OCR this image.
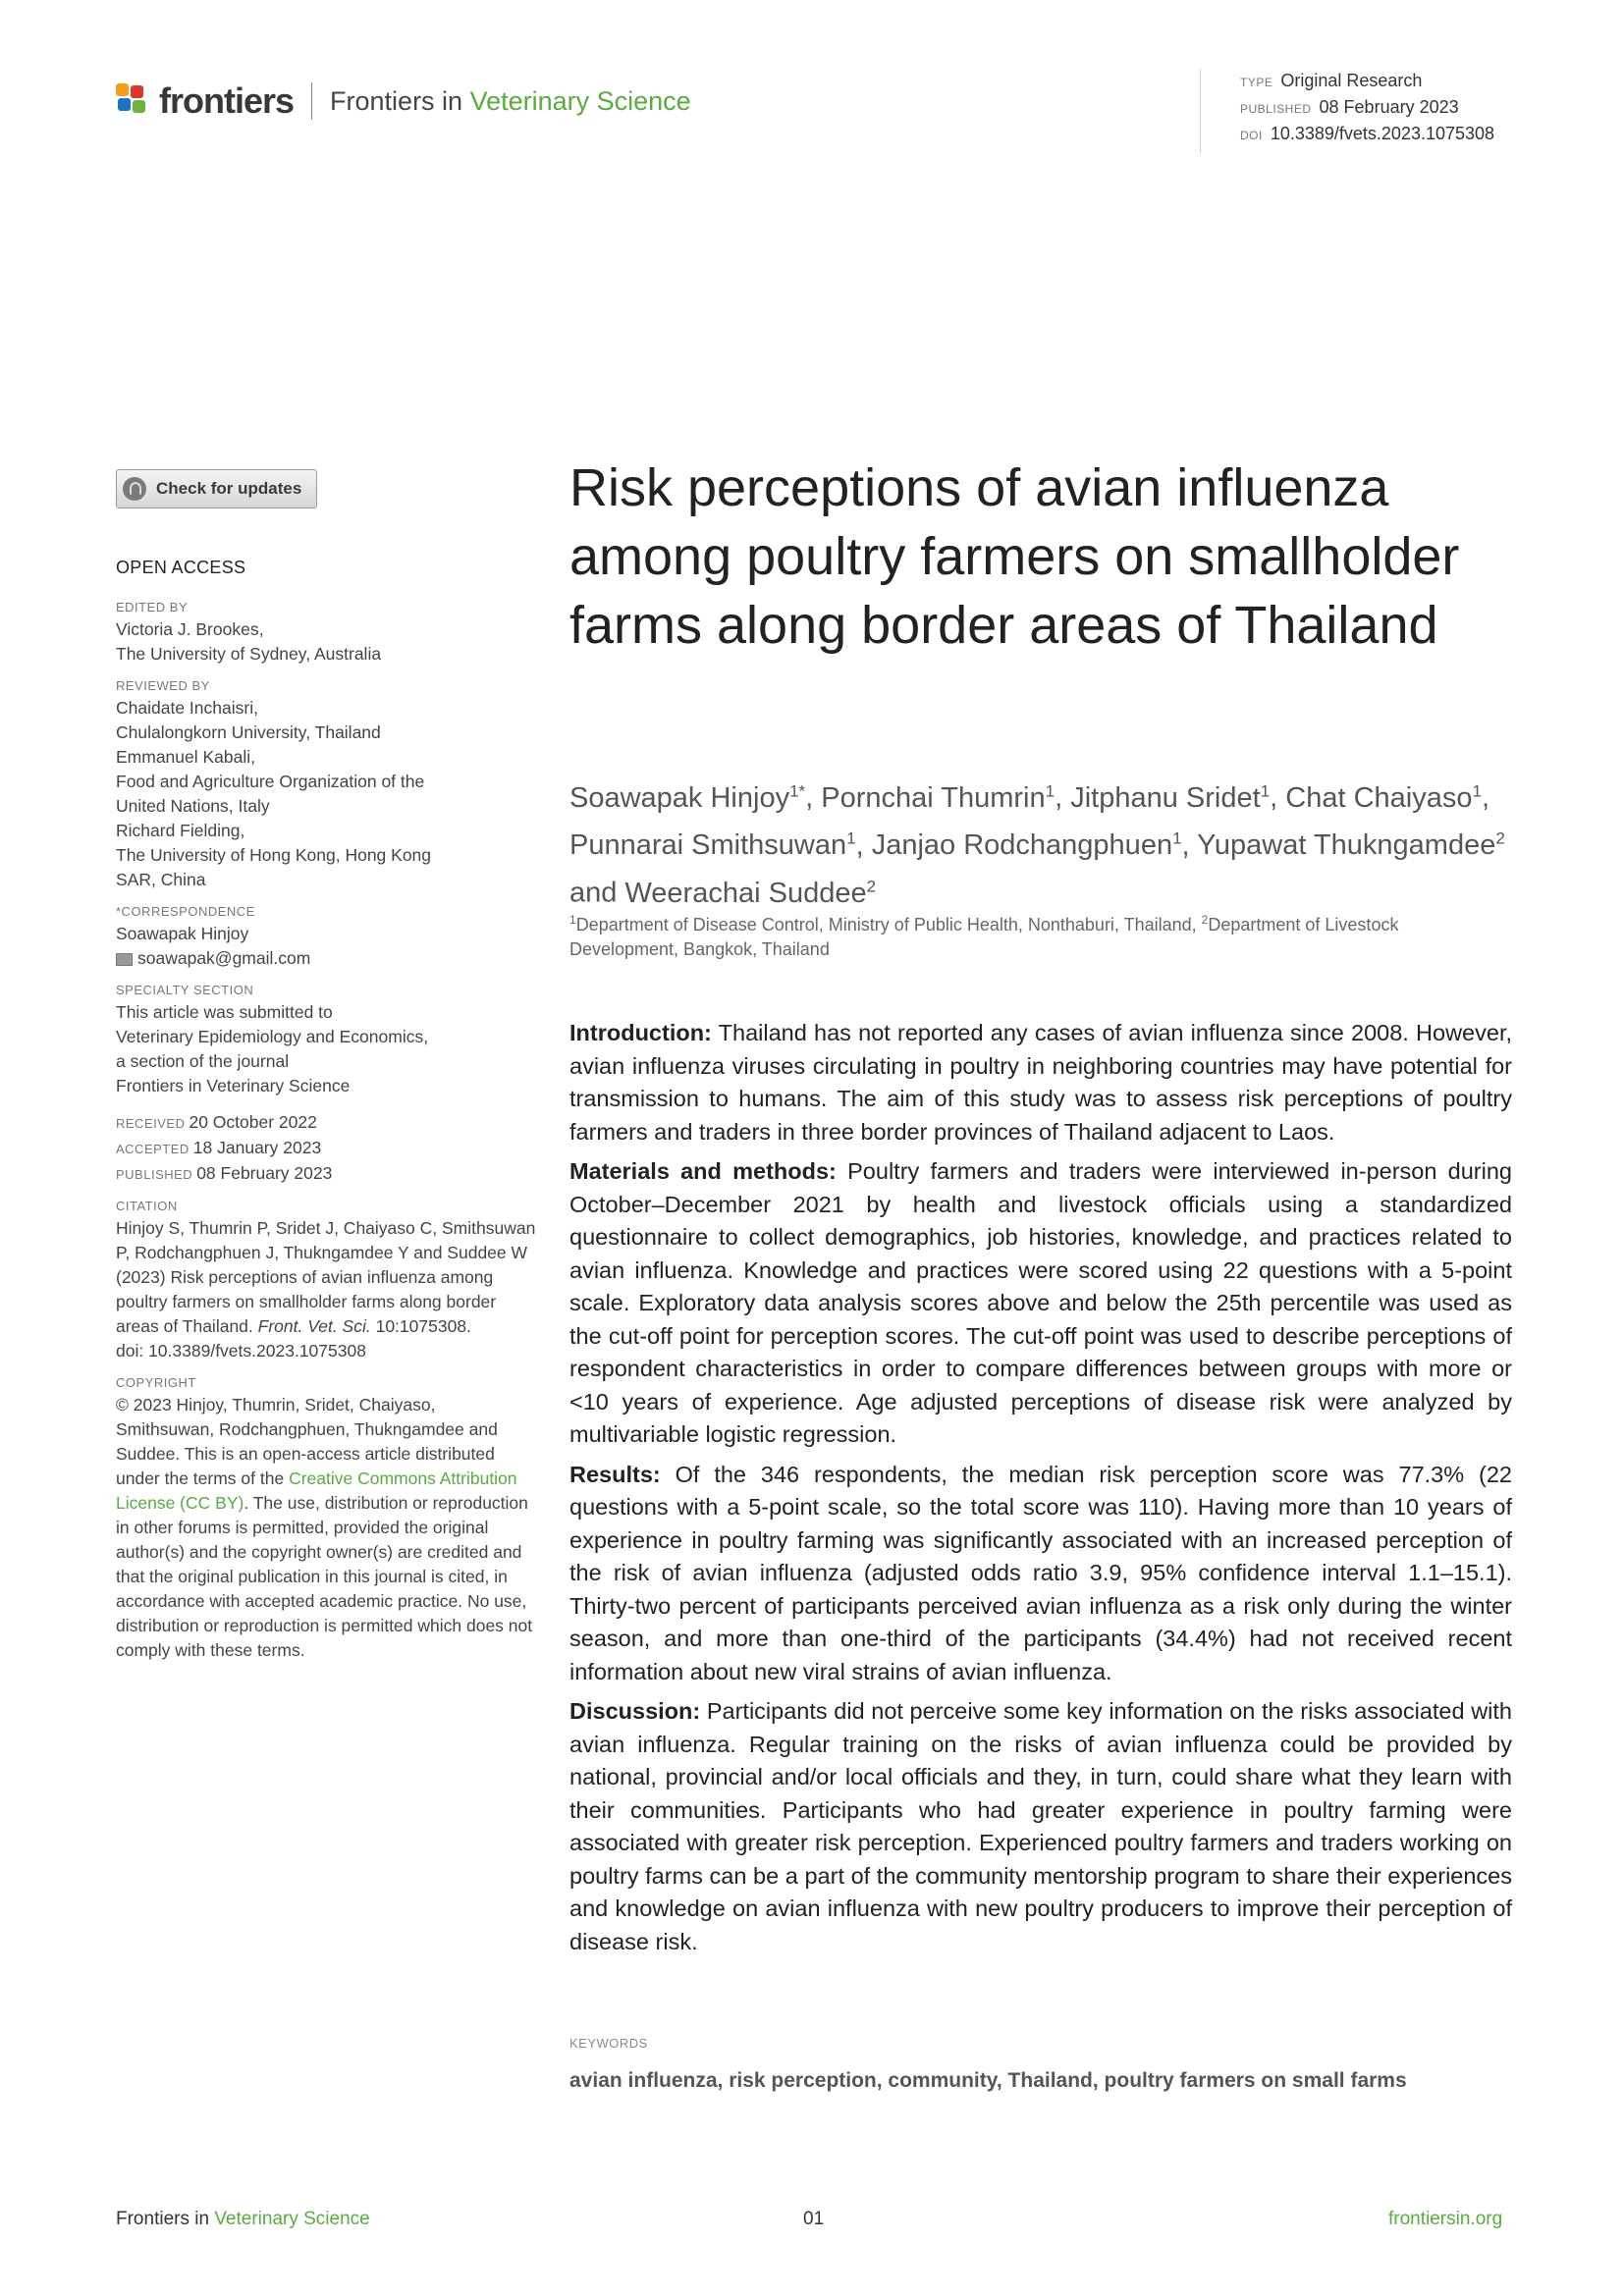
frontiers Frontiers in Veterinary Science
TYPE Original Research
PUBLISHED 08 February 2023
DOI 10.3389/fvets.2023.1075308
Check for updates
OPEN ACCESS
EDITED BY
Victoria J. Brookes,
The University of Sydney, Australia
REVIEWED BY
Chaidate Inchaisri,
Chulalongkorn University, Thailand
Emmanuel Kabali,
Food and Agriculture Organization of the
United Nations, Italy
Richard Fielding,
The University of Hong Kong, Hong Kong
SAR, China
*CORRESPONDENCE
Soawapak Hinjoy
soawapak@gmail.com
SPECIALTY SECTION
This article was submitted to
Veterinary Epidemiology and Economics,
a section of the journal
Frontiers in Veterinary Science
RECEIVED 20 October 2022
ACCEPTED 18 January 2023
PUBLISHED 08 February 2023
CITATION
Hinjoy S, Thumrin P, Sridet J, Chaiyaso C, Smithsuwan P, Rodchangphuen J, Thukngamdee Y and Suddee W (2023) Risk perceptions of avian influenza among poultry farmers on smallholder farms along border areas of Thailand. Front. Vet. Sci. 10:1075308.
doi: 10.3389/fvets.2023.1075308
COPYRIGHT
© 2023 Hinjoy, Thumrin, Sridet, Chaiyaso, Smithsuwan, Rodchangphuen, Thukngamdee and Suddee. This is an open-access article distributed under the terms of the Creative Commons Attribution License (CC BY). The use, distribution or reproduction in other forums is permitted, provided the original author(s) and the copyright owner(s) are credited and that the original publication in this journal is cited, in accordance with accepted academic practice. No use, distribution or reproduction is permitted which does not comply with these terms.
Risk perceptions of avian influenza among poultry farmers on smallholder farms along border areas of Thailand
Soawapak Hinjoy$^{1*}$, Pornchai Thumrin$^1$, Jitphanu Sridet$^1$, Chat Chaiyaso$^1$, Punnarai Smithsuwan$^1$, Janjao Rodchangphuen$^1$, Yupawat Thukngamdee$^2$ and Weerachai Suddee$^2$
$^1$Department of Disease Control, Ministry of Public Health, Nonthaburi, Thailand, $^2$Department of Livestock Development, Bangkok, Thailand

Introduction: Thailand has not reported any cases of avian influenza since 2008. However, avian influenza viruses circulating in poultry in neighboring countries may have potential for transmission to humans. The aim of this study was to assess risk perceptions of poultry farmers and traders in three border provinces of Thailand adjacent to Laos.

Materials and methods: Poultry farmers and traders were interviewed in-person during October–December 2021 by health and livestock officials using a standardized questionnaire to collect demographics, job histories, knowledge, and practices related to avian influenza. Knowledge and practices were scored using 22 questions with a 5-point scale. Exploratory data analysis scores above and below the 25th percentile was used as the cut-off point for perception scores. The cut-off point was used to describe perceptions of respondent characteristics in order to compare differences between groups with more or <10 years of experience. Age adjusted perceptions of disease risk were analyzed by multivariable logistic regression.

Results: Of the 346 respondents, the median risk perception score was 77.3% (22 questions with a 5-point scale, so the total score was 110). Having more than 10 years of experience in poultry farming was significantly associated with an increased perception of the risk of avian influenza (adjusted odds ratio 3.9, 95% confidence interval 1.1–15.1). Thirty-two percent of participants perceived avian influenza as a risk only during the winter season, and more than one-third of the participants (34.4%) had not received recent information about new viral strains of avian influenza.

Discussion: Participants did not perceive some key information on the risks associated with avian influenza. Regular training on the risks of avian influenza could be provided by national, provincial and/or local officials and they, in turn, could share what they learn with their communities. Participants who had greater experience in poultry farming were associated with greater risk perception. Experienced poultry farmers and traders working on poultry farms can be a part of the community mentorship program to share their experiences and knowledge on avian influenza with new poultry producers to improve their perception of disease risk.

KEYWORDS
avian influenza, risk perception, community, Thailand, poultry farmers on small farms
Frontiers in Veterinary Science	01	frontiersin.org
